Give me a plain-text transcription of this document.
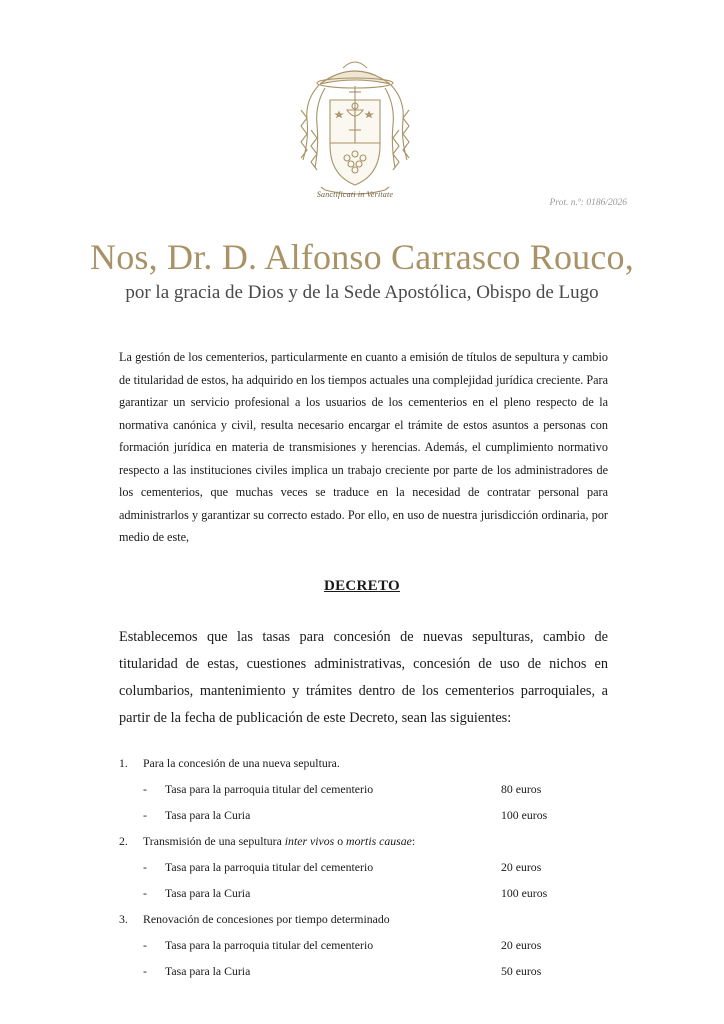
Sanctificati in Veritate
Prot. n.º: 0186/2026
Nos, Dr. D. Alfonso Carrasco Rouco,

por la gracia de Dios y de la Sede Apostólica, Obispo de Lugo

La gestión de los cementerios, particularmente en cuanto a emisión de títulos de sepultura y cambio de titularidad de estos, ha adquirido en los tiempos actuales una complejidad jurídica creciente. Para garantizar un servicio profesional a los usuarios de los cementerios en el pleno respecto de la normativa canónica y civil, resulta necesario encargar el trámite de estos asuntos a personas con formación jurídica en materia de transmisiones y herencias. Además, el cumplimiento normativo respecto a las instituciones civiles implica un trabajo creciente por parte de los administradores de los cementerios, que muchas veces se traduce en la necesidad de contratar personal para administrarlos y garantizar su correcto estado. Por ello, en uso de nuestra jurisdicción ordinaria, por medio de este,

DECRETO

Establecemos que las tasas para concesión de nuevas sepulturas, cambio de titularidad de estas, cuestiones administrativas, concesión de uso de nichos en columbarios, mantenimiento y trámites dentro de los cementerios parroquiales, a partir de la fecha de publicación de este Decreto, sean las siguientes:

1.	Para la concesión de una nueva sepultura.
-	Tasa para la parroquia titular del cementerio	80 euros
-	Tasa para la Curia	100 euros
2.	Transmisión de una sepultura inter vivos o mortis causae:
-	Tasa para la parroquia titular del cementerio	20 euros
-	Tasa para la Curia	100 euros
3.	Renovación de concesiones por tiempo determinado
-	Tasa para la parroquia titular del cementerio	20 euros
-	Tasa para la Curia	50 euros
